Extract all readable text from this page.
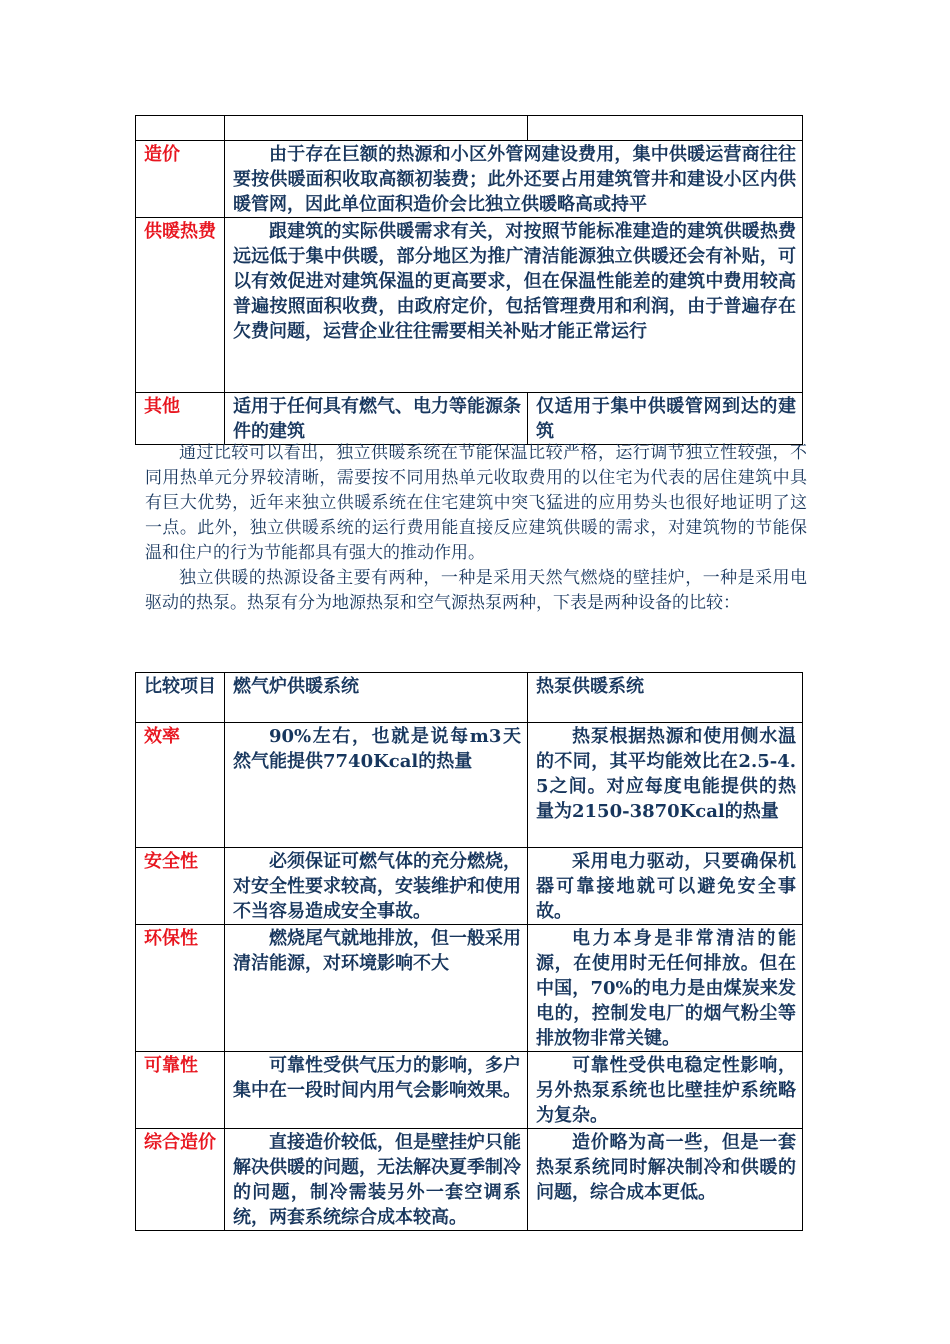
造价	由于存在巨额的热源和小区外管网建设费用，集中供暖运营商往往要按供暖面积收取高额初装费；此外还要占用建筑管井和建设小区内供暖管网，因此单位面积造价会比独立供暖略高或持平	
供暖热费	跟建筑的实际供暖需求有关，对按照节能标准建造的建筑供暖热费远远低于集中供暖，部分地区为推广清洁能源独立供暖还会有补贴，可以有效促进对建筑保温的更高要求，但在保温性能差的建筑中费用较高普遍按照面积收费，由政府定价，包括管理费用和利润，由于普遍存在欠费问题，运营企业往往需要相关补贴才能正常运行	
其他	适用于任何具有燃气、电力等能源条件的建筑	仅适用于集中供暖管网到达的建筑

通过比较可以看出，独立供暖系统在节能保温比较严格，运行调节独立性较强，不同用热单元分界较清晰，需要按不同用热单元收取费用的以住宅为代表的居住建筑中具有巨大优势，近年来独立供暖系统在住宅建筑中突飞猛进的应用势头也很好地证明了这一点。此外，独立供暖系统的运行费用能直接反应建筑供暖的需求，对建筑物的节能保温和住户的行为节能都具有强大的推动作用。

独立供暖的热源设备主要有两种，一种是采用天然气燃烧的壁挂炉，一种是采用电驱动的热泵。热泵有分为地源热泵和空气源热泵两种，下表是两种设备的比较：

比较项目	燃气炉供暖系统	热泵供暖系统
效率	90%左右，也就是说每m3天然气能提供7740Kcal的热量	热泵根据热源和使用侧水温的不同，其平均能效比在2.5-4.5之间。对应每度电能提供的热量为2150-3870Kcal的热量
安全性	必须保证可燃气体的充分燃烧，对安全性要求较高，安装维护和使用不当容易造成安全事故。	采用电力驱动，只要确保机器可靠接地就可以避免安全事故。
环保性	燃烧尾气就地排放，但一般采用清洁能源，对环境影响不大	电力本身是非常清洁的能源，在使用时无任何排放。但在中国，70%的电力是由煤炭来发电的，控制发电厂的烟气粉尘等排放物非常关键。
可靠性	可靠性受供气压力的影响，多户集中在一段时间内用气会影响效果。	可靠性受供电稳定性影响，另外热泵系统也比壁挂炉系统略为复杂。
综合造价	直接造价较低，但是壁挂炉只能解决供暖的问题，无法解决夏季制冷的问题，制冷需装另外一套空调系统，两套系统综合成本较高。	造价略为高一些，但是一套热泵系统同时解决制冷和供暖的问题，综合成本更低。
